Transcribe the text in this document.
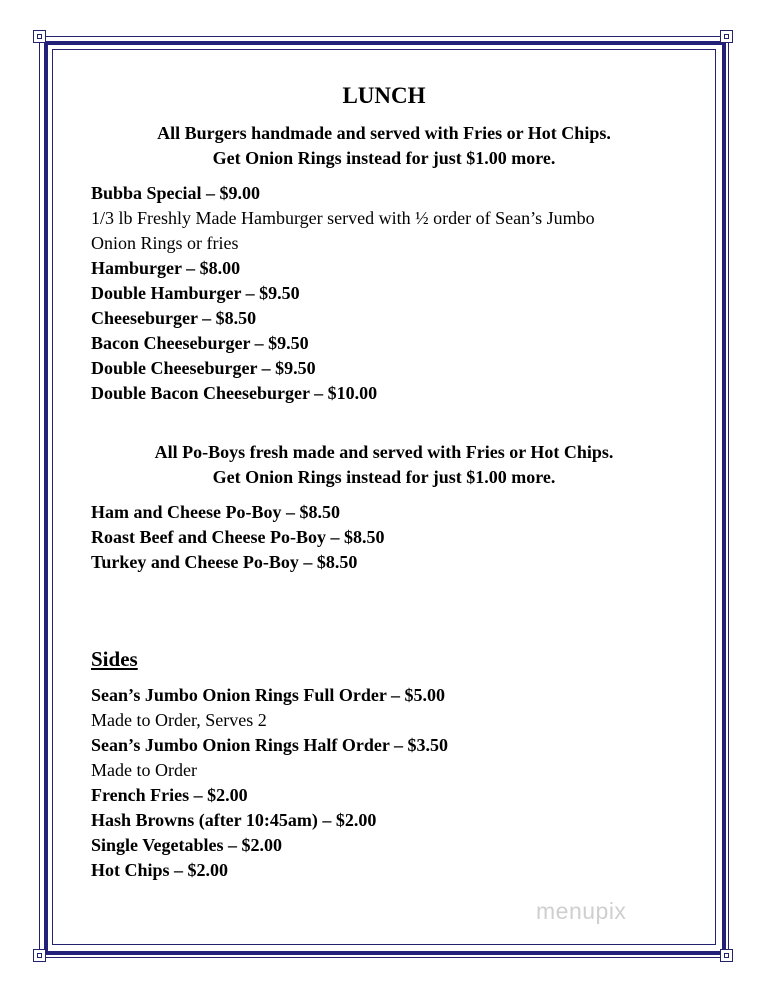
LUNCH
All Burgers handmade and served with Fries or Hot Chips.
Get Onion Rings instead for just $1.00 more.
Bubba Special – $9.00
1/3 lb Freshly Made Hamburger served with ½ order of Sean’s Jumbo
Onion Rings or fries
Hamburger – $8.00
Double Hamburger – $9.50
Cheeseburger – $8.50
Bacon Cheeseburger – $9.50
Double Cheeseburger – $9.50
Double Bacon Cheeseburger – $10.00
All Po-Boys fresh made and served with Fries or Hot Chips.
Get Onion Rings instead for just $1.00 more.
Ham and Cheese Po-Boy – $8.50
Roast Beef and Cheese Po-Boy – $8.50
Turkey and Cheese Po-Boy – $8.50
Sides
Sean’s Jumbo Onion Rings Full Order – $5.00
Made to Order, Serves 2
Sean’s Jumbo Onion Rings Half Order – $3.50
Made to Order
French Fries – $2.00
Hash Browns (after 10:45am) – $2.00
Single Vegetables – $2.00
Hot Chips – $2.00
menupix
